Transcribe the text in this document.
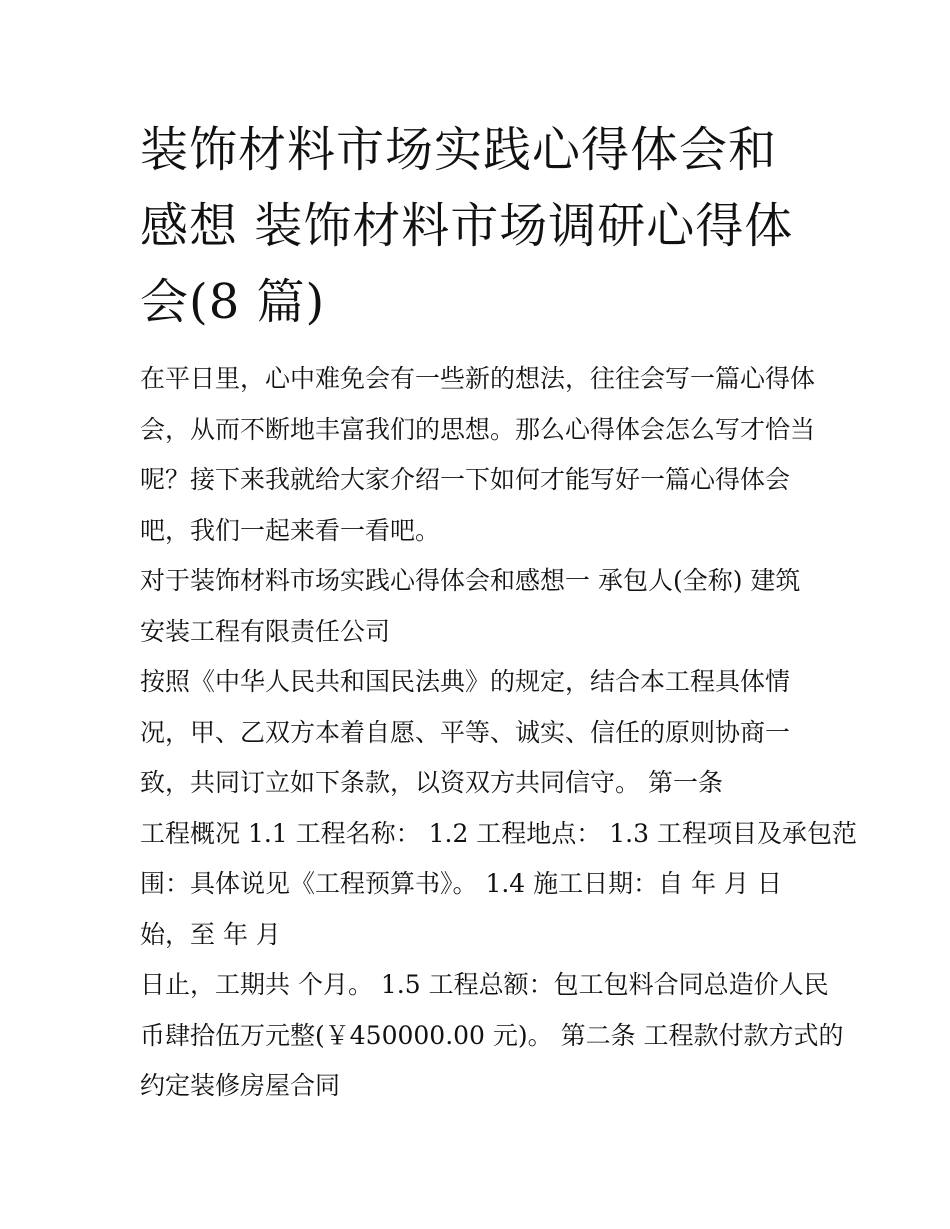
装饰材料市场实践心得体会和
感想 装饰材料市场调研心得体
会(8 篇)

在平日里，心中难免会有一些新的想法，往往会写一篇心得体
会，从而不断地丰富我们的思想。那么心得体会怎么写才恰当
呢？接下来我就给大家介绍一下如何才能写好一篇心得体会
吧，我们一起来看一看吧。

对于装饰材料市场实践心得体会和感想一 承包人(全称) 建筑
安装工程有限责任公司

按照《中华人民共和国民法典》的规定，结合本工程具体情
况，甲、乙双方本着自愿、平等、诚实、信任的原则协商一
致，共同订立如下条款，以资双方共同信守。 第一条

工程概况 1.1 工程名称： 1.2 工程地点： 1.3 工程项目及承包范
围：具体说见《工程预算书》。 1.4 施工日期：自 年 月 日
始，至 年 月

日止，工期共 个月。 1.5 工程总额：包工包料合同总造价人民
币肆拾伍万元整(￥450000.00 元)。 第二条 工程款付款方式的
约定装修房屋合同
